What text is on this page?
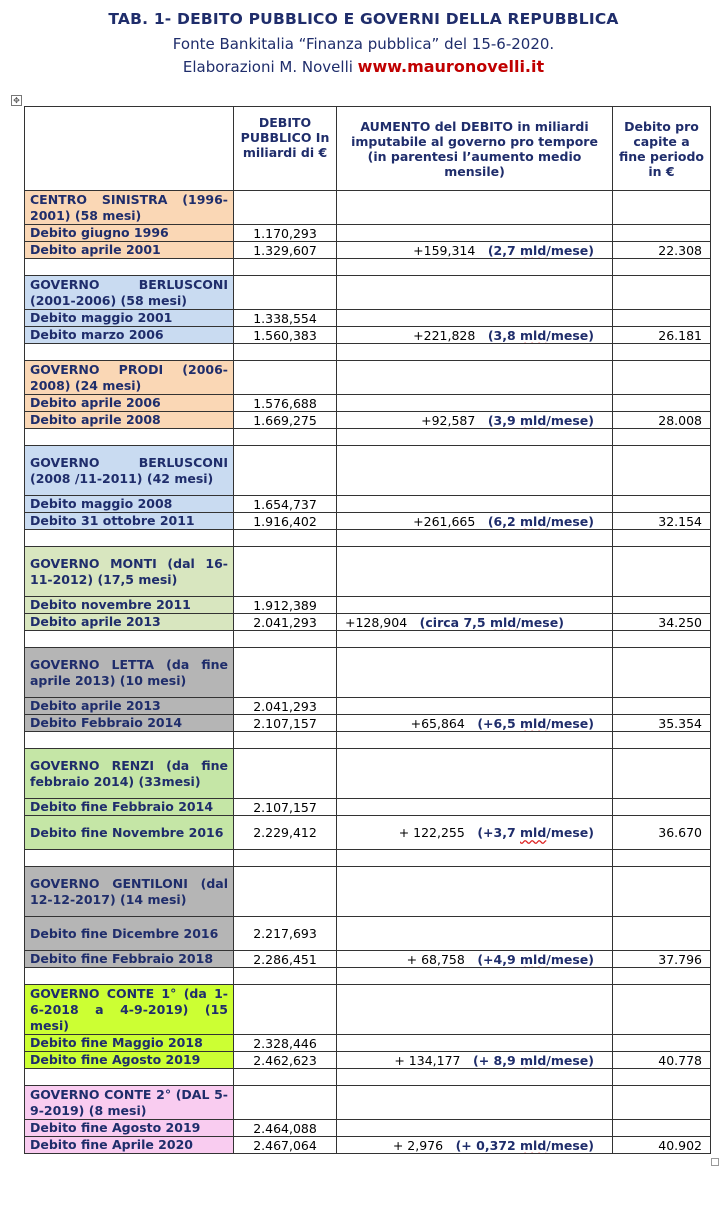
TAB. 1- DEBITO PUBBLICO E GOVERNI DELLA REPUBBLICA
Fonte Bankitalia “Finanza pubblica” del 15-6-2020.
Elaborazioni M. Novelli www.mauronovelli.it
✥
	DEBITO PUBBLICO In miliardi di €	AUMENTO del DEBITO in miliardi imputabile al governo pro tempore (in parentesi l’aumento medio mensile)	Debito pro capite a fine periodo in €
CENTRO SINISTRA (1996-2001) (58 mesi)			
Debito giugno 1996	1.170,293		
Debito aprile 2001	1.329,607	+159,314  (2,7 mld/mese)	22.308

GOVERNO BERLUSCONI (2001-2006) (58 mesi)			
Debito maggio 2001	1.338,554		
Debito marzo 2006	1.560,383	+221,828  (3,8 mld/mese)	26.181

GOVERNO PRODI (2006-2008) (24 mesi)			
Debito aprile 2006	1.576,688		
Debito aprile 2008	1.669,275	+92,587  (3,9 mld/mese)	28.008

GOVERNO BERLUSCONI (2008 /11-2011) (42 mesi)			
Debito maggio 2008	1.654,737		
Debito 31 ottobre 2011	1.916,402	+261,665  (6,2 mld/mese)	32.154

GOVERNO MONTI (dal 16-11-2012) (17,5 mesi)			
Debito novembre 2011	1.912,389		
Debito aprile 2013	2.041,293	+128,904  (circa 7,5 mld/mese)	34.250

GOVERNO LETTA (da fine aprile 2013) (10 mesi)			
Debito aprile 2013	2.041,293		
Debito Febbraio 2014	2.107,157	+65,864  (+6,5 mld/mese)	35.354

GOVERNO RENZI (da fine febbraio 2014) (33mesi)			
Debito fine Febbraio 2014	2.107,157		
Debito fine Novembre 2016	2.229,412	+ 122,255  (+3,7 mld/mese)	36.670

GOVERNO GENTILONI (dal 12-12-2017) (14 mesi)			
Debito fine Dicembre 2016	2.217,693		
Debito fine Febbraio 2018	2.286,451	+ 68,758  (+4,9 mld/mese)	37.796

GOVERNO CONTE 1° (da 1-6-2018 a 4-9-2019) (15 mesi)			
Debito fine Maggio 2018	2.328,446		
Debito fine Agosto 2019	2.462,623	+ 134,177  (+ 8,9 mld/mese)	40.778

GOVERNO CONTE 2° (DAL 5-9-2019) (8 mesi)			
Debito fine Agosto 2019	2.464,088		
Debito fine Aprile 2020	2.467,064	+ 2,976  (+ 0,372 mld/mese)	40.902
